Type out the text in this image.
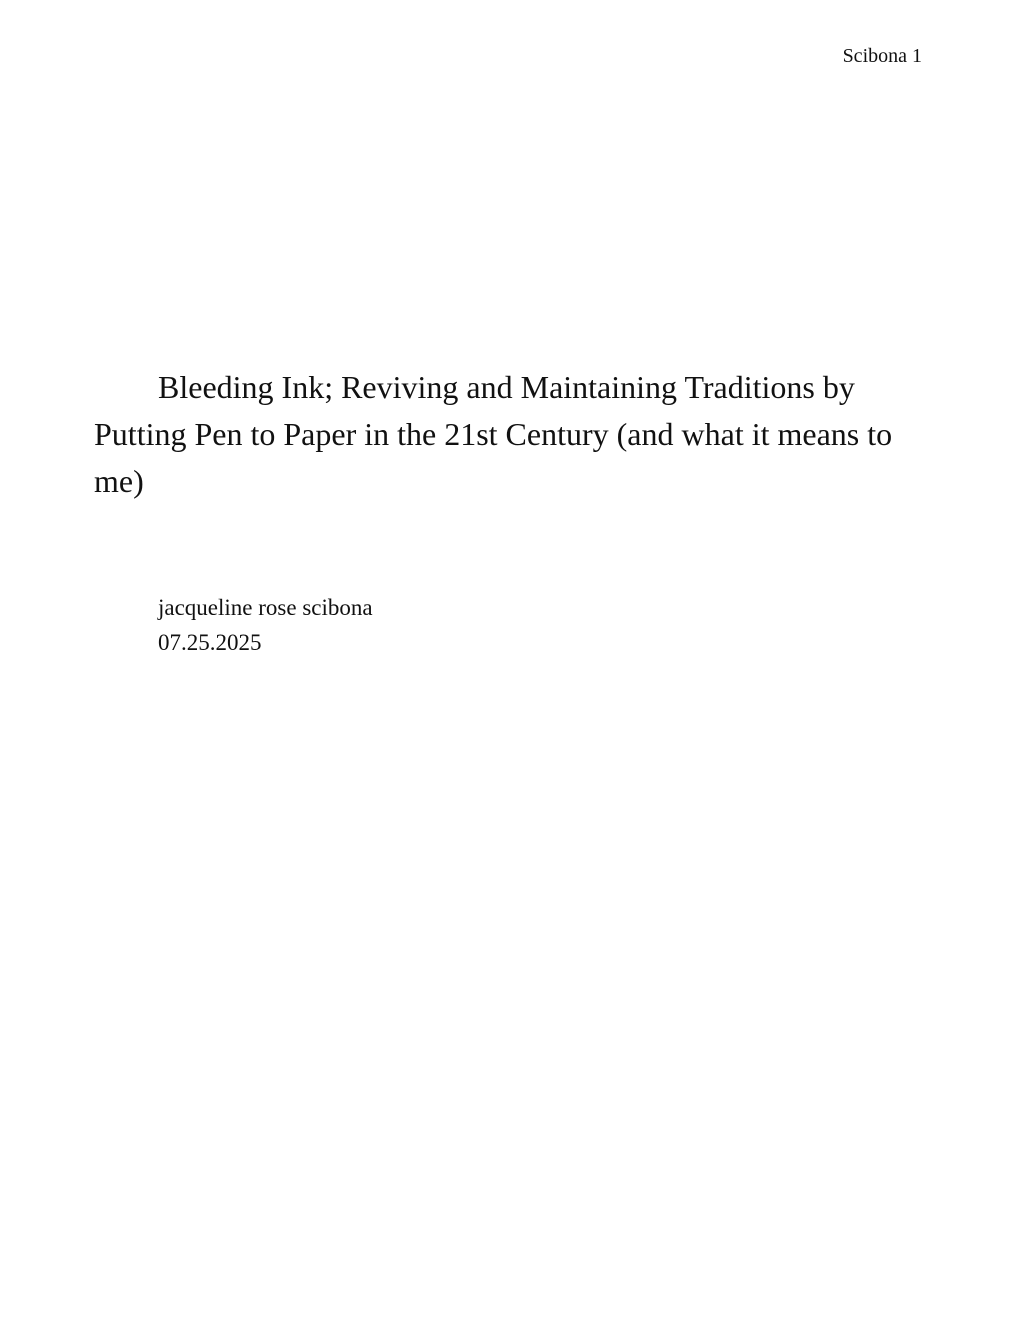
Scibona 1
Bleeding Ink; Reviving and Maintaining Traditions by Putting Pen to Paper in the 21st Century (and what it means to me)
jacqueline rose scibona
07.25.2025
